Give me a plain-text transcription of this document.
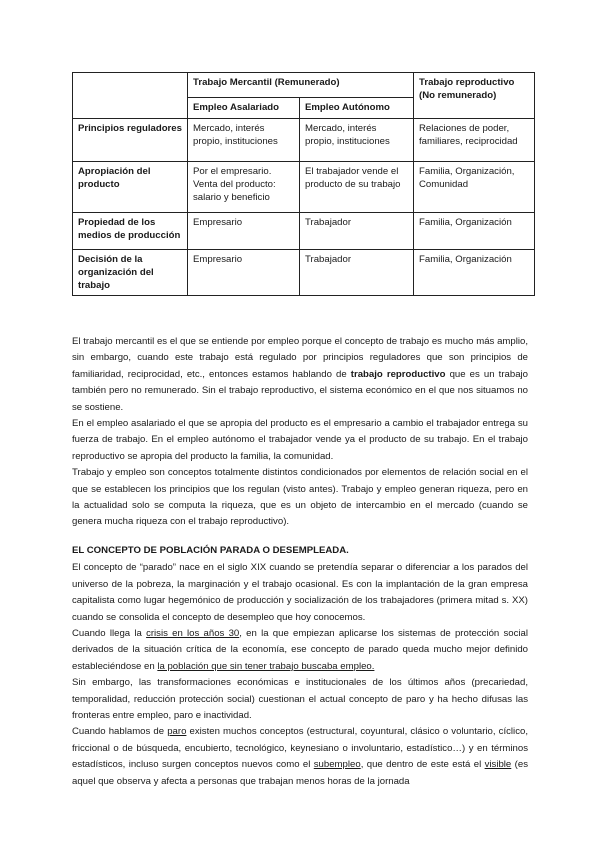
	Trabajo Mercantil (Remunerado)		Trabajo reproductivo (No remunerado)
	Empleo Asalariado	Empleo Autónomo	
Principios reguladores	Mercado, interés propio, instituciones	Mercado, interés propio, instituciones	Relaciones de poder, familiares, reciprocidad
Apropiación del producto	Por el empresario. Venta del producto: salario y beneficio	El trabajador vende el producto de su trabajo	Familia, Organización, Comunidad
Propiedad de los medios de producción	Empresario	Trabajador	Familia, Organización
Decisión de la organización del trabajo	Empresario	Trabajador	Familia, Organización

El trabajo mercantil es el que se entiende por empleo porque el concepto de trabajo es mucho más amplio, sin embargo, cuando este trabajo está regulado por principios reguladores que son principios de familiaridad, reciprocidad, etc., entonces estamos hablando de trabajo reproductivo que es un trabajo también pero no remunerado. Sin el trabajo reproductivo, el sistema económico en el que nos situamos no se sostiene.

En el empleo asalariado el que se apropia del producto es el empresario a cambio el trabajador entrega su fuerza de trabajo. En el empleo autónomo el trabajador vende ya el producto de su trabajo. En el trabajo reproductivo se apropia del producto la familia, la comunidad.

Trabajo y empleo son conceptos totalmente distintos condicionados por elementos de relación social en el que se establecen los principios que los regulan (visto antes). Trabajo y empleo generan riqueza, pero en la actualidad solo se computa la riqueza, que es un objeto de intercambio en el mercado (cuando se genera mucha riqueza con el trabajo reproductivo).

EL CONCEPTO DE POBLACIÓN PARADA O DESEMPLEADA.

El concepto de “parado” nace en el siglo XIX cuando se pretendía separar o diferenciar a los parados del universo de la pobreza, la marginación y el trabajo ocasional. Es con la implantación de la gran empresa capitalista como lugar hegemónico de producción y socialización de los trabajadores (primera mitad s. XX) cuando se consolida el concepto de desempleo que hoy conocemos.

Cuando llega la crisis en los años 30, en la que empiezan aplicarse los sistemas de protección social derivados de la situación crítica de la economía, ese concepto de parado queda mucho mejor definido estableciéndose en la población que sin tener trabajo buscaba empleo.

Sin embargo, las transformaciones económicas e institucionales de los últimos años (precariedad, temporalidad, reducción protección social) cuestionan el actual concepto de paro y ha hecho difusas las fronteras entre empleo, paro e inactividad.

Cuando hablamos de paro existen muchos conceptos (estructural, coyuntural, clásico o voluntario, cíclico, friccional o de búsqueda, encubierto, tecnológico, keynesiano o involuntario, estadístico…) y en términos estadísticos, incluso surgen conceptos nuevos como el subempleo, que dentro de este está el visible (es aquel que observa y afecta a personas que trabajan menos horas de la jornada
